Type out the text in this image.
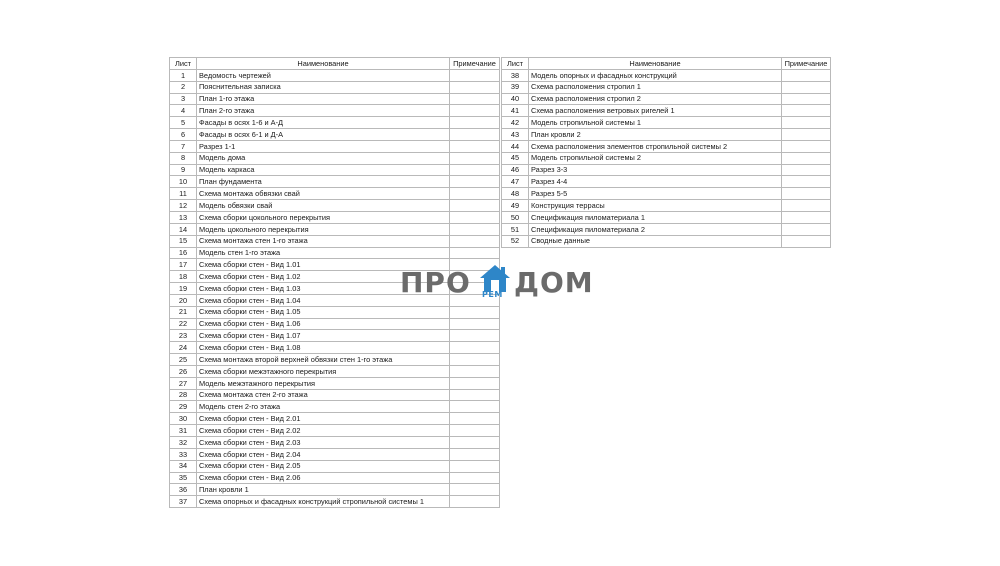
Лист	Наименование	Примечание
1	Ведомость чертежей	
2	Пояснительная записка	
3	План 1-го этажа	
4	План 2-го этажа	
5	Фасады в осях 1-6 и А-Д	
6	Фасады в осях 6-1 и Д-А	
7	Разрез 1-1	
8	Модель дома	
9	Модель каркаса	
10	План фундамента	
11	Схема монтажа обвязки свай	
12	Модель обвязки свай	
13	Схема сборки цокольного перекрытия	
14	Модель цокольного перекрытия	
15	Схема монтажа стен 1-го этажа	
16	Модель стен 1-го этажа	
17	Схема сборки стен - Вид 1.01	
18	Схема сборки стен - Вид 1.02	
19	Схема сборки стен - Вид 1.03	
20	Схема сборки стен - Вид 1.04	
21	Схема сборки стен - Вид 1.05	
22	Схема сборки стен - Вид 1.06	
23	Схема сборки стен - Вид 1.07	
24	Схема сборки стен - Вид 1.08	
25	Схема монтажа второй верхней обвязки стен 1-го этажа	
26	Схема сборки межэтажного перекрытия	
27	Модель межэтажного перекрытия	
28	Схема монтажа стен 2-го этажа	
29	Модель стен 2-го этажа	
30	Схема сборки стен - Вид 2.01	
31	Схема сборки стен - Вид 2.02	
32	Схема сборки стен - Вид 2.03	
33	Схема сборки стен - Вид 2.04	
34	Схема сборки стен - Вид 2.05	
35	Схема сборки стен - Вид 2.06	
36	План кровли 1	
37	Схема опорных и фасадных конструкций стропильной системы 1	
Лист	Наименование	Примечание
38	Модель опорных и фасадных конструкций	
39	Схема расположения стропил 1	
40	Схема расположения стропил 2	
41	Схема расположения ветровых ригелей 1	
42	Модель стропильной системы 1	
43	План кровли 2	
44	Схема расположения элементов стропильной системы 2	
45	Модель стропильной системы 2	
46	Разрез 3-3	
47	Разрез 4-4	
48	Разрез 5-5	
49	Конструкция террасы	
50	Спецификация пиломатериала 1	
51	Спецификация пиломатериала 2	
52	Сводные данные	
ПРО РЕМ ДОМ
